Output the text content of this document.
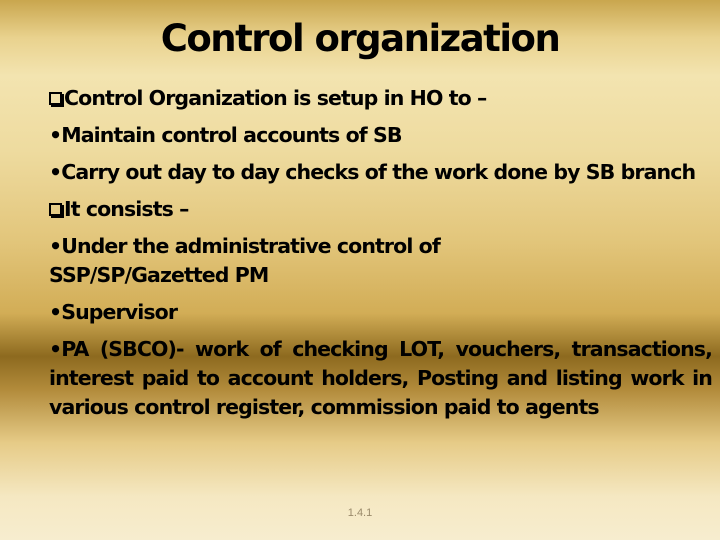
Control organization
Control Organization is setup in HO to –
•Maintain control accounts of SB
•Carry out day to day checks of the work done by SB branch
It consists –
•Under the administrative control of SSP/SP/Gazetted PM
•Supervisor
•PA (SBCO)- work of checking LOT, vouchers, transactions, interest paid to account holders, Posting and listing work in various control register, commission paid to agents
1.4.1
